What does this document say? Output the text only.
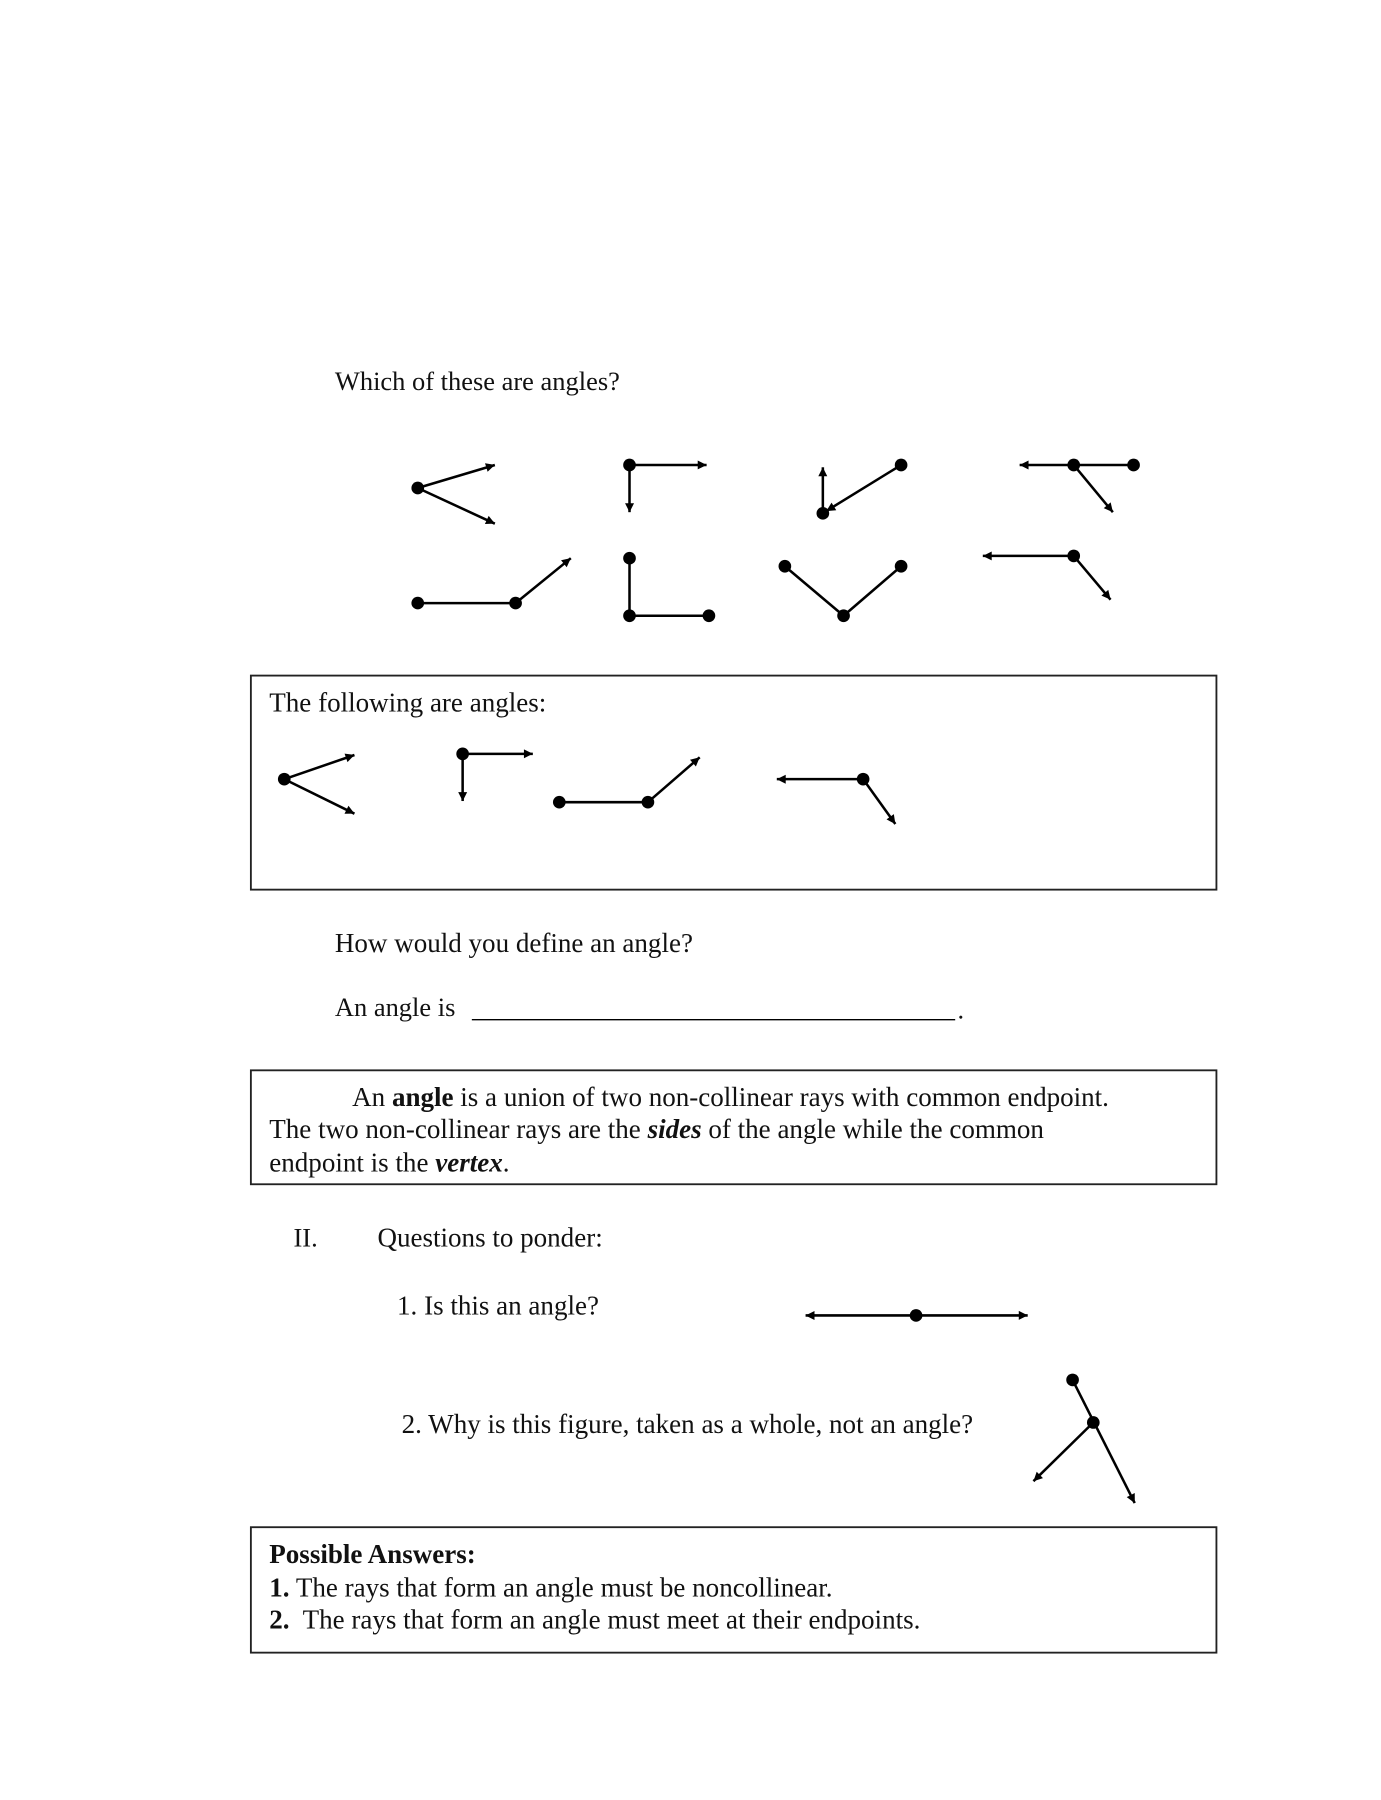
Which of these are angles?
The following are angles:
How would you define an angle?
An angle is	.
An angle is a union of two non-collinear rays with common endpoint.
The two non-collinear rays are the sides of the angle while the common
endpoint is the vertex.
II.	Questions to ponder:
1. Is this an angle?
2. Why is this figure, taken as a whole, not an angle?
Possible Answers:
1. The rays that form an angle must be noncollinear.
2.  The rays that form an angle must meet at their endpoints.
